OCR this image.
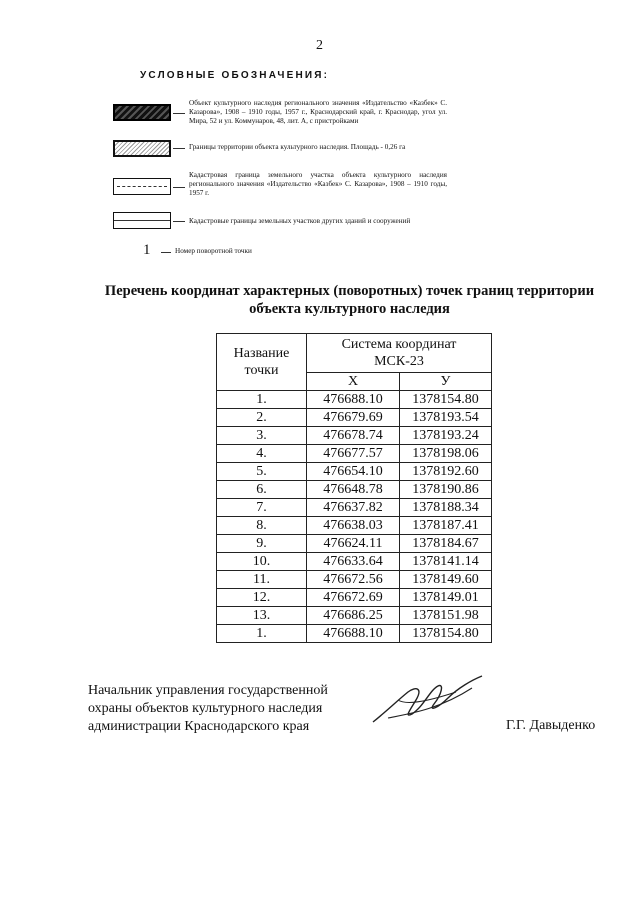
2
УСЛОВНЫЕ ОБОЗНАЧЕНИЯ:
Объект культурного наследия регионального значения «Издательство «Казбек» С. Казарова», 1908 – 1910 годы, 1957 г., Краснодарский край, г. Краснодар, угол ул. Мира, 52 и ул. Коммунаров, 48, лит. А, с пристройками
Границы территории объекта культурного наследия. Площадь - 0,26 га
Кадастровая граница земельного участка объекта культурного наследия регионального значения «Издательство «Казбек» С. Казарова», 1908 – 1910 годы, 1957 г.
Кадастровые границы земельных участков других зданий и сооружений
1	Номер поворотной точки
Перечень координат характерных (поворотных) точек границ территории
объекта культурного наследия
Название точки	Система координат
МСК-23	

	X	У
1.	476688.10	1378154.80
2.	476679.69	1378193.54
3.	476678.74	1378193.24
4.	476677.57	1378198.06
5.	476654.10	1378192.60
6.	476648.78	1378190.86
7.	476637.82	1378188.34
8.	476638.03	1378187.41
9.	476624.11	1378184.67
10.	476633.64	1378141.14
11.	476672.56	1378149.60
12.	476672.69	1378149.01
13.	476686.25	1378151.98
1.	476688.10	1378154.80
Начальник управления государственной
охраны объектов культурного наследия
администрации Краснодарского края	Г.Г. Давыденко
